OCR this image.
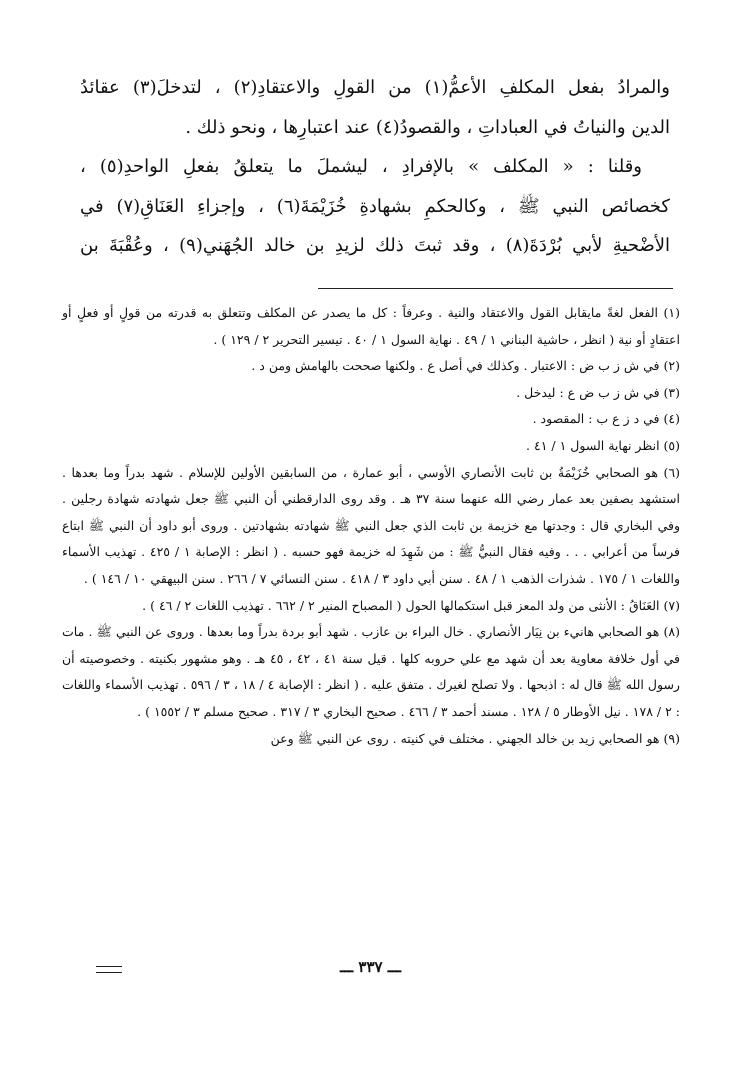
والمرادُ بفعل المكلفِ الأعمُّ(١) من القولِ والاعتقادِ(٢) ، لتدخلَ(٣) عقائدُ

الدين والنياتُ في العباداتِ ، والقصودُ(٤) عند اعتبارِها ، ونحو ذلك .

وقلنا : « المكلف » بالإفرادِ ، ليشملَ ما يتعلقُ بفعلِ الواحدِ(٥) ،

كخصائص النبي ﷺ ، وكالحكمِ بشهادةِ خُزَيْمَةَ(٦) ، وإجزاءِ العَنَاقِ(٧) في

الأضْحيةِ لأبي بُرْدَةَ(٨) ، وقد ثبتَ ذلك لزيدِ بن خالد الجُهَني(٩) ، وعُقْبَةَ بن

(١) الفعل لغةً مايقابل القول والاعتقاد والنية . وعرفاً : كل ما يصدر عن المكلف وتتعلق به قدرته من قولٍ أو فعلٍ أو اعتقادٍ أو نية ( انظر ، حاشية البناني ١ / ٤٩ . نهاية السول ١ / ٤٠ . تيسير التحرير ٢ / ١٢٩ ) .

(٢) في ش ز ب ض : الاعتبار . وكذلك في أصل ع . ولكنها صححت بالهامش ومن د .

(٣) في ش ز ب ض ع : ليدخل .

(٤) في د ز ع ب : المقصود .

(٥) انظر نهاية السول ١ / ٤١ .

(٦) هو الصحابي خُزَيْمَةُ بن ثابت الأنصاري الأوسي ، أبو عمارة ، من السابقين الأولين للإسلام . شهد بدراً وما بعدها . استشهد بصفين بعد عمار رضي الله عنهما سنة ٣٧ هـ . وقد روى الدارقطني أن النبي ﷺ جعل شهادته شهادة رجلين . وفي البخاري قال : وجدتها مع خزيمة بن ثابت الذي جعل النبي ﷺ شهادته بشهادتين . وروى أبو داود أن النبي ﷺ ابتاع فرساً من أعرابي . . . وفيه فقال النبيُّ ﷺ : من شَهِدَ له خزيمة فهو حسبه . ( انظر : الإصابة ١ / ٤٢٥ . تهذيب الأسماء واللغات ١ / ١٧٥ . شذرات الذهب ١ / ٤٨ . سنن أبي داود ٣ / ٤١٨ . سنن النسائي ٧ / ٢٦٦ . سنن البيهقي ١٠ / ١٤٦ ) .

(٧) العَنَاقُ : الأنثى من ولد المعز قبل استكمالها الحول ( المصباح المنير ٢ / ٦٦٢ . تهذيب اللغات ٢ / ٤٦ ) .

(٨) هو الصحابي هانيء بن نِيَار الأنصاري . خال البراء بن عازب . شهد أبو بردة بدراً وما بعدها . وروى عن النبي ﷺ . مات في أول خلافة معاوية بعد أن شهد مع علي حروبه كلها . قيل سنة ٤١ ، ٤٢ ، ٤٥ هـ . وهو مشهور بكنيته . وخصوصيته أن رسول الله ﷺ قال له : اذبحها . ولا تصلح لغيرك . متفق عليه . ( انظر : الإصابة ٤ / ١٨ ، ٣ / ٥٩٦ . تهذيب الأسماء واللغات : ٢ / ١٧٨ . نيل الأوطار ٥ / ١٢٨ . مسند أحمد ٣ / ٤٦٦ . صحيح البخاري ٣ / ٣١٧ . صحيح مسلم ٣ / ١٥٥٢ ) .

(٩) هو الصحابي زيد بن خالد الجهني . مختلف في كنيته . روى عن النبي ﷺ وعن

ـــ ٣٣٧ ـــ
